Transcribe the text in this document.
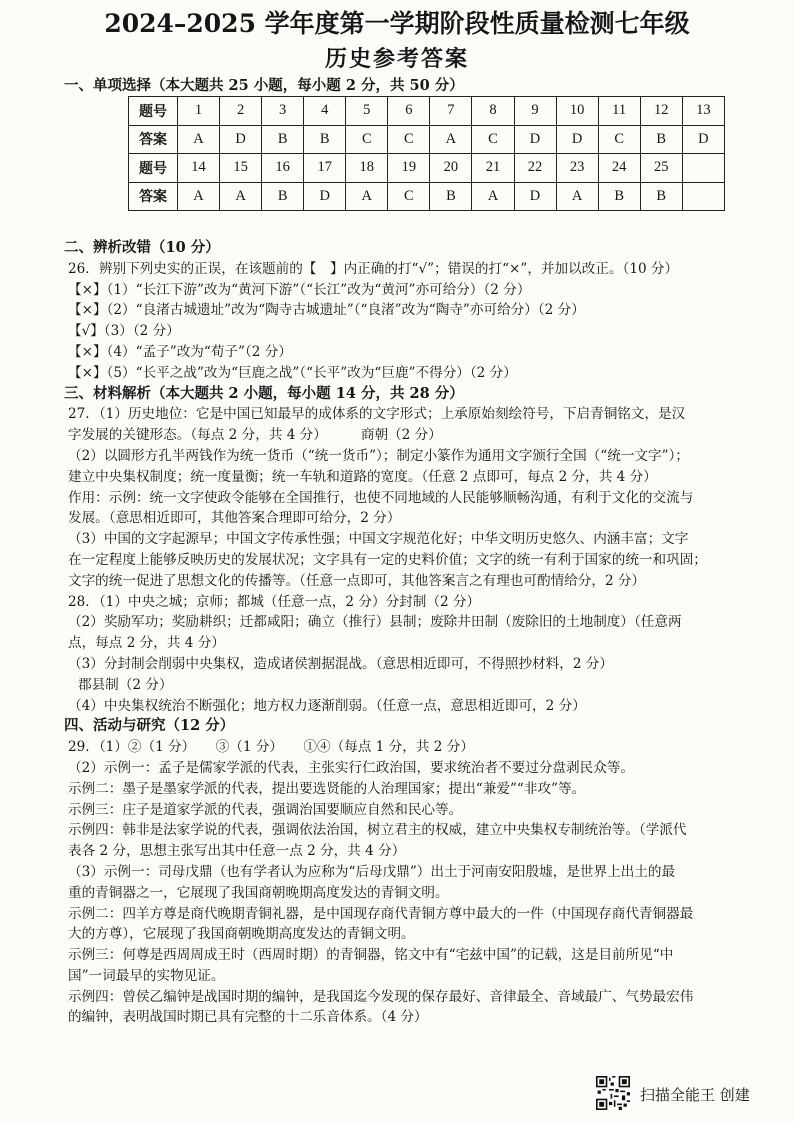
2024–2025 学年度第一学期阶段性质量检测七年级
历史参考答案
一、单项选择（本大题共 25 小题，每小题 2 分，共 50 分）
题号	1	2	3	4	5	6	7	8	9	10	11	12	13
答案	A	D	B	B	C	C	A	C	D	D	C	B	D
题号	14	15	16	17	18	19	20	21	22	23	24	25	
答案	A	A	B	D	A	C	B	A	D	A	B	B	
二、辨析改错（10 分）
26．辨别下列史实的正误，在该题前的【　】内正确的打“√”；错误的打“×”，并加以改正。（10 分）
【×】（1）“长江下游”改为“黄河下游”（“长江”改为“黄河”亦可给分）（2 分）
【×】（2）“良渚古城遗址”改为“陶寺古城遗址”（“良渚”改为“陶寺”亦可给分）（2 分）
【√】（3）（2 分）
【×】（4）“孟子”改为“荀子”（2 分）
【×】（5）“长平之战”改为“巨鹿之战”（“长平”改为“巨鹿”不得分）（2 分）
三、材料解析（本大题共 2 小题，每小题 14 分，共 28 分）
27．（1）历史地位：它是中国已知最早的成体系的文字形式；上承原始刻绘符号，下启青铜铭文，是汉
字发展的关键形态。（每点 2 分，共 4 分）　　　商朝（2 分）
（2）以圆形方孔半两钱作为统一货币（“统一货币”）；制定小篆作为通用文字颁行全国（“统一文字”）；
建立中央集权制度；统一度量衡；统一车轨和道路的宽度。（任意 2 点即可，每点 2 分，共 4 分）
作用：示例：统一文字使政令能够在全国推行，也使不同地域的人民能够顺畅沟通，有利于文化的交流与
发展。（意思相近即可，其他答案合理即可给分，2 分）
（3）中国的文字起源早；中国文字传承性强；中国文字规范化好；中华文明历史悠久、内涵丰富；文字
在一定程度上能够反映历史的发展状况；文字具有一定的史料价值；文字的统一有利于国家的统一和巩固；
文字的统一促进了思想文化的传播等。（任意一点即可，其他答案言之有理也可酌情给分，2 分）
28．（1）中央之城；京师；都城（任意一点，2 分）分封制（2 分）
（2）奖励军功；奖励耕织；迁都咸阳；确立（推行）县制；废除井田制（废除旧的土地制度）（任意两
点，每点 2 分，共 4 分）
（3）分封制会削弱中央集权，造成诸侯割据混战。（意思相近即可，不得照抄材料，2 分）
郡县制（2 分）
（4）中央集权统治不断强化；地方权力逐渐削弱。（任意一点，意思相近即可，2 分）
四、活动与研究（12 分）
29．（1）②（1 分）　　③（1 分）　　①④（每点 1 分，共 2 分）
（2）示例一：孟子是儒家学派的代表，主张实行仁政治国，要求统治者不要过分盘剥民众等。
示例二：墨子是墨家学派的代表，提出要选贤能的人治理国家；提出“兼爱”“非攻”等。
示例三：庄子是道家学派的代表，强调治国要顺应自然和民心等。
示例四：韩非是法家学说的代表，强调依法治国，树立君主的权威，建立中央集权专制统治等。（学派代
表各 2 分，思想主张写出其中任意一点 2 分，共 4 分）
（3）示例一：司母戊鼎（也有学者认为应称为“后母戊鼎”）出土于河南安阳殷墟，是世界上出土的最
重的青铜器之一，它展现了我国商朝晚期高度发达的青铜文明。
示例二：四羊方尊是商代晚期青铜礼器，是中国现存商代青铜方尊中最大的一件（中国现存商代青铜器最
大的方尊），它展现了我国商朝晚期高度发达的青铜文明。
示例三：何尊是西周周成王时（西周时期）的青铜器，铭文中有“宅兹中国”的记载，这是目前所见“中
国”一词最早的实物见证。
示例四：曾侯乙编钟是战国时期的编钟，是我国迄今发现的保存最好、音律最全、音域最广、气势最宏伟
的编钟，表明战国时期已具有完整的十二乐音体系。（4 分）
扫描全能王 创建
